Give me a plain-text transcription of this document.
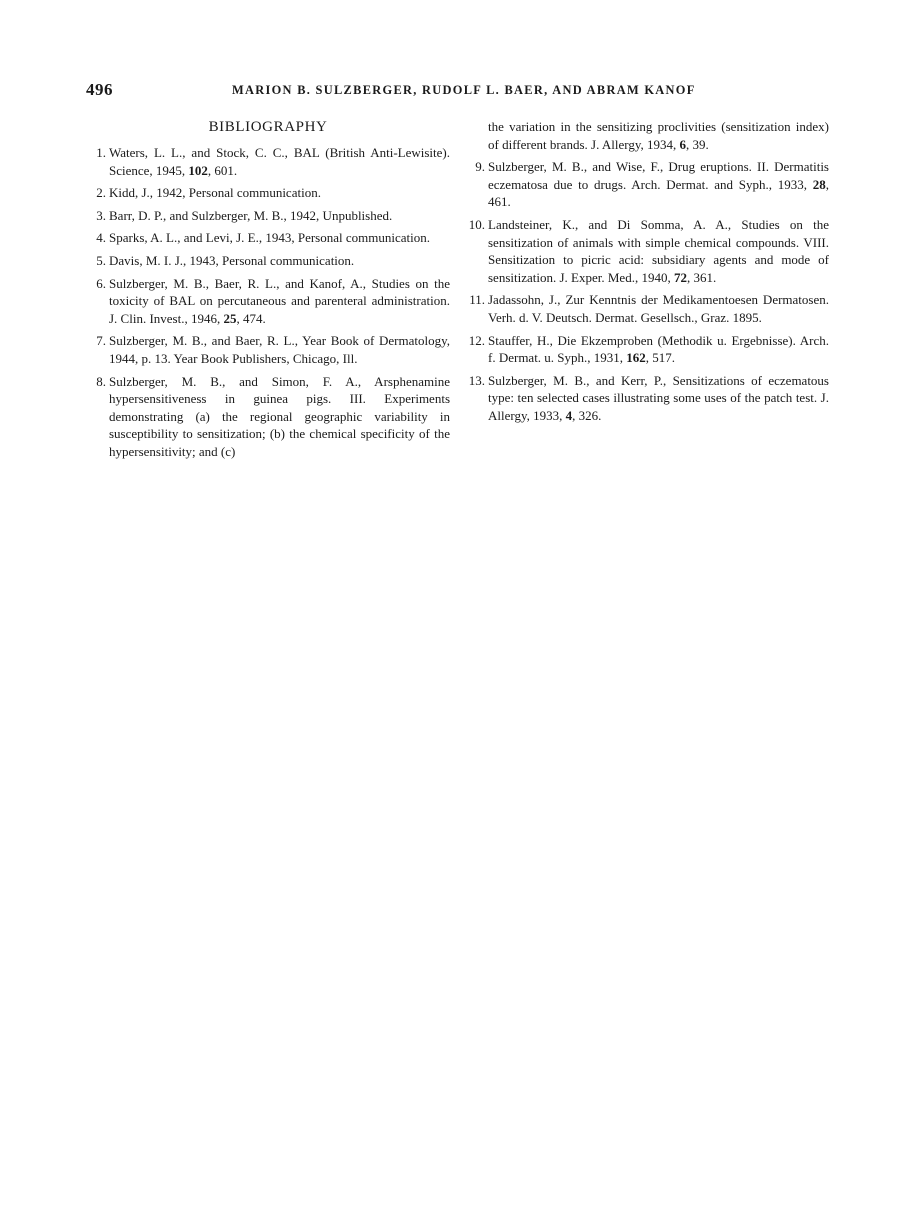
496	MARION B. SULZBERGER, RUDOLF L. BAER, AND ABRAM KANOF
BIBLIOGRAPHY
1. Waters, L. L., and Stock, C. C., BAL (British Anti-Lewisite). Science, 1945, 102, 601.
2. Kidd, J., 1942, Personal communication.
3. Barr, D. P., and Sulzberger, M. B., 1942, Unpublished.
4. Sparks, A. L., and Levi, J. E., 1943, Personal communication.
5. Davis, M. I. J., 1943, Personal communication.
6. Sulzberger, M. B., Baer, R. L., and Kanof, A., Studies on the toxicity of BAL on percutaneous and parenteral administration. J. Clin. Invest., 1946, 25, 474.
7. Sulzberger, M. B., and Baer, R. L., Year Book of Dermatology, 1944, p. 13. Year Book Publishers, Chicago, Ill.
8. Sulzberger, M. B., and Simon, F. A., Arsphenamine hypersensitiveness in guinea pigs. III. Experiments demonstrating (a) the regional geographic variability in susceptibility to sensitization; (b) the chemical specificity of the hypersensitivity; and (c)
the variation in the sensitizing proclivities (sensitization index) of different brands. J. Allergy, 1934, 6, 39.
9. Sulzberger, M. B., and Wise, F., Drug eruptions. II. Dermatitis eczematosa due to drugs. Arch. Dermat. and Syph., 1933, 28, 461.
10. Landsteiner, K., and Di Somma, A. A., Studies on the sensitization of animals with simple chemical compounds. VIII. Sensitization to picric acid: subsidiary agents and mode of sensitization. J. Exper. Med., 1940, 72, 361.
11. Jadassohn, J., Zur Kenntnis der Medikamentoesen Dermatosen. Verh. d. V. Deutsch. Dermat. Gesellsch., Graz. 1895.
12. Stauffer, H., Die Ekzemproben (Methodik u. Ergebnisse). Arch. f. Dermat. u. Syph., 1931, 162, 517.
13. Sulzberger, M. B., and Kerr, P., Sensitizations of eczematous type: ten selected cases illustrating some uses of the patch test. J. Allergy, 1933, 4, 326.
